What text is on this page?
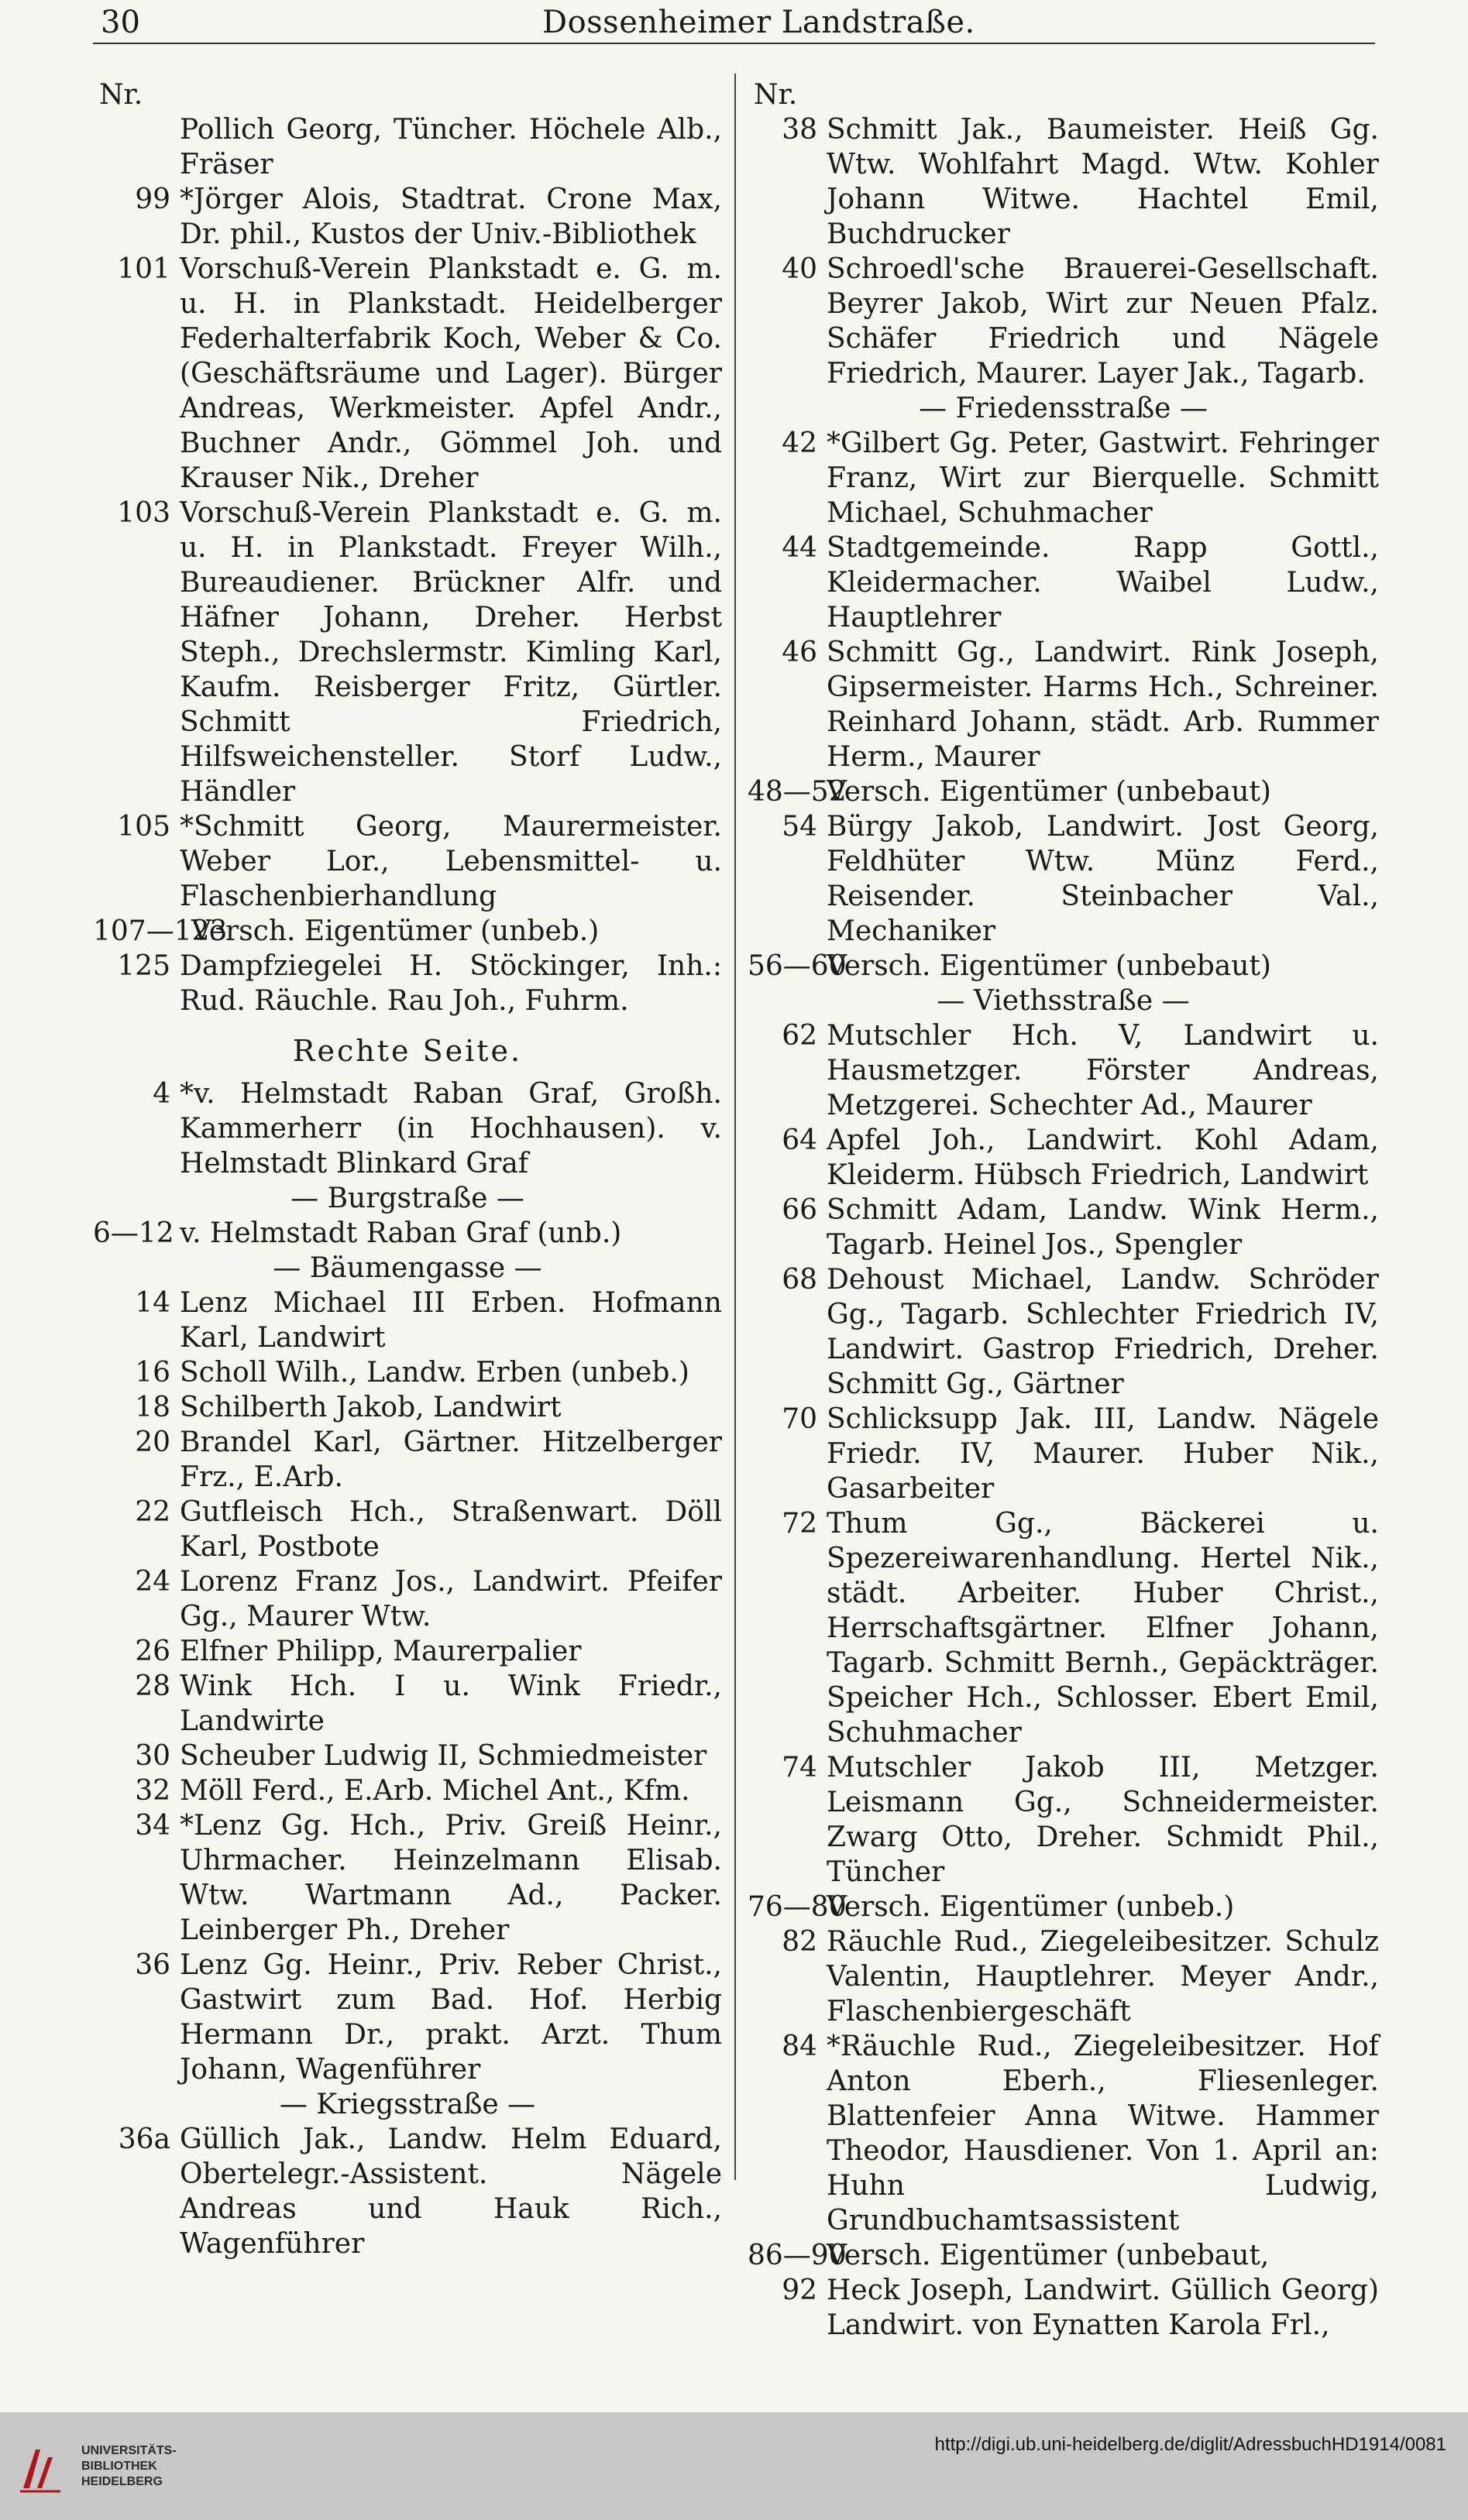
30	Dossenheimer Landstraße.
Nr.
Pollich Georg, Tüncher. Höchele Alb., Fräser
99 *Jörger Alois, Stadtrat. Crone Max, Dr. phil., Kustos der Univ.-Bibliothek
101 Vorschuß-Verein Plankstadt e. G. m. u. H. in Plankstadt. Heidelberger Federhalterfabrik Koch, Weber & Co. (Geschäftsräume und Lager). Bürger Andreas, Werkmeister. Apfel Andr., Buchner Andr., Gömmel Joh. und Krauser Nik., Dreher
103 Vorschuß-Verein Plankstadt e. G. m. u. H. in Plankstadt. Freyer Wilh., Bureaudiener. Brückner Alfr. und Häfner Johann, Dreher. Herbst Steph., Drechslermstr. Kimling Karl, Kaufm. Reisberger Fritz, Gürtler. Schmitt Friedrich, Hilfsweichensteller. Storf Ludw., Händler
105 *Schmitt Georg, Maurermeister. Weber Lor., Lebensmittel- u. Flaschenbierhandlung
107—123
Versch. Eigentümer (unbeb.)
125 Dampfziegelei H. Stöckinger, Inh.: Rud. Räuchle. Rau Joh., Fuhrm.
Rechte Seite.
4 *v. Helmstadt Raban Graf, Großh. Kammerherr (in Hochhausen). v. Helmstadt Blinkard Graf
— Burgstraße —
6—12 v. Helmstadt Raban Graf (unb.)
— Bäumengasse —
14 Lenz Michael III Erben. Hofmann Karl, Landwirt
16 Scholl Wilh., Landw. Erben (unbeb.)
18 Schilberth Jakob, Landwirt
20 Brandel Karl, Gärtner. Hitzelberger Frz., E.Arb.
22 Gutfleisch Hch., Straßenwart. Döll Karl, Postbote
24 Lorenz Franz Jos., Landwirt. Pfeifer Gg., Maurer Wtw.
26 Elfner Philipp, Maurerpalier
28 Wink Hch. I u. Wink Friedr., Landwirte
30 Scheuber Ludwig II, Schmiedmeister
32 Möll Ferd., E.Arb. Michel Ant., Kfm.
34 *Lenz Gg. Hch., Priv. Greiß Heinr., Uhrmacher. Heinzelmann Elisab. Wtw. Wartmann Ad., Packer. Leinberger Ph., Dreher
36 Lenz Gg. Heinr., Priv. Reber Christ., Gastwirt zum Bad. Hof. Herbig Hermann Dr., prakt. Arzt. Thum Johann, Wagenführer
— Kriegsstraße —
36a Güllich Jak., Landw. Helm Eduard, Obertelegr.-Assistent. Nägele Andreas und Hauk Rich., Wagenführer
Nr.
38 Schmitt Jak., Baumeister. Heiß Gg. Wtw. Wohlfahrt Magd. Wtw. Kohler Johann Witwe. Hachtel Emil, Buchdrucker
40 Schroedl'sche Brauerei-Gesellschaft. Beyrer Jakob, Wirt zur Neuen Pfalz. Schäfer Friedrich und Nägele Friedrich, Maurer. Layer Jak., Tagarb.
— Friedensstraße —
42 *Gilbert Gg. Peter, Gastwirt. Fehringer Franz, Wirt zur Bierquelle. Schmitt Michael, Schuhmacher
44 Stadtgemeinde. Rapp Gottl., Kleidermacher. Waibel Ludw., Hauptlehrer
46 Schmitt Gg., Landwirt. Rink Joseph, Gipsermeister. Harms Hch., Schreiner. Reinhard Johann, städt. Arb. Rummer Herm., Maurer
48—52
Versch. Eigentümer (unbebaut)
54 Bürgy Jakob, Landwirt. Jost Georg, Feldhüter Wtw. Münz Ferd., Reisender. Steinbacher Val., Mechaniker
56—60
Versch. Eigentümer (unbebaut)
— Viethsstraße —
62 Mutschler Hch. V, Landwirt u. Hausmetzger. Förster Andreas, Metzgerei. Schechter Ad., Maurer
64 Apfel Joh., Landwirt. Kohl Adam, Kleiderm. Hübsch Friedrich, Landwirt
66 Schmitt Adam, Landw. Wink Herm., Tagarb. Heinel Jos., Spengler
68 Dehoust Michael, Landw. Schröder Gg., Tagarb. Schlechter Friedrich IV, Landwirt. Gastrop Friedrich, Dreher. Schmitt Gg., Gärtner
70 Schlicksupp Jak. III, Landw. Nägele Friedr. IV, Maurer. Huber Nik., Gasarbeiter
72 Thum Gg., Bäckerei u. Spezereiwarenhandlung. Hertel Nik., städt. Arbeiter. Huber Christ., Herrschaftsgärtner. Elfner Johann, Tagarb. Schmitt Bernh., Gepäckträger. Speicher Hch., Schlosser. Ebert Emil, Schuhmacher
74 Mutschler Jakob III, Metzger. Leismann Gg., Schneidermeister. Zwarg Otto, Dreher. Schmidt Phil., Tüncher
76—80
Versch. Eigentümer (unbeb.)
82 Räuchle Rud., Ziegeleibesitzer. Schulz Valentin, Hauptlehrer. Meyer Andr., Flaschenbiergeschäft
84 *Räuchle Rud., Ziegeleibesitzer. Hof Anton Eberh., Fliesenleger. Blattenfeier Anna Witwe. Hammer Theodor, Hausdiener. Von 1. April an: Huhn Ludwig, Grundbuchamtsassistent
86—90
Versch. Eigentümer (unbebaut,
92 Heck Joseph, Landwirt. Güllich Georg) Landwirt. von Eynatten Karola Frl.,
UNIVERSITÄTS-
BIBLIOTHEK
HEIDELBERG
http://digi.ub.uni-heidelberg.de/diglit/AdressbuchHD1914/0081
